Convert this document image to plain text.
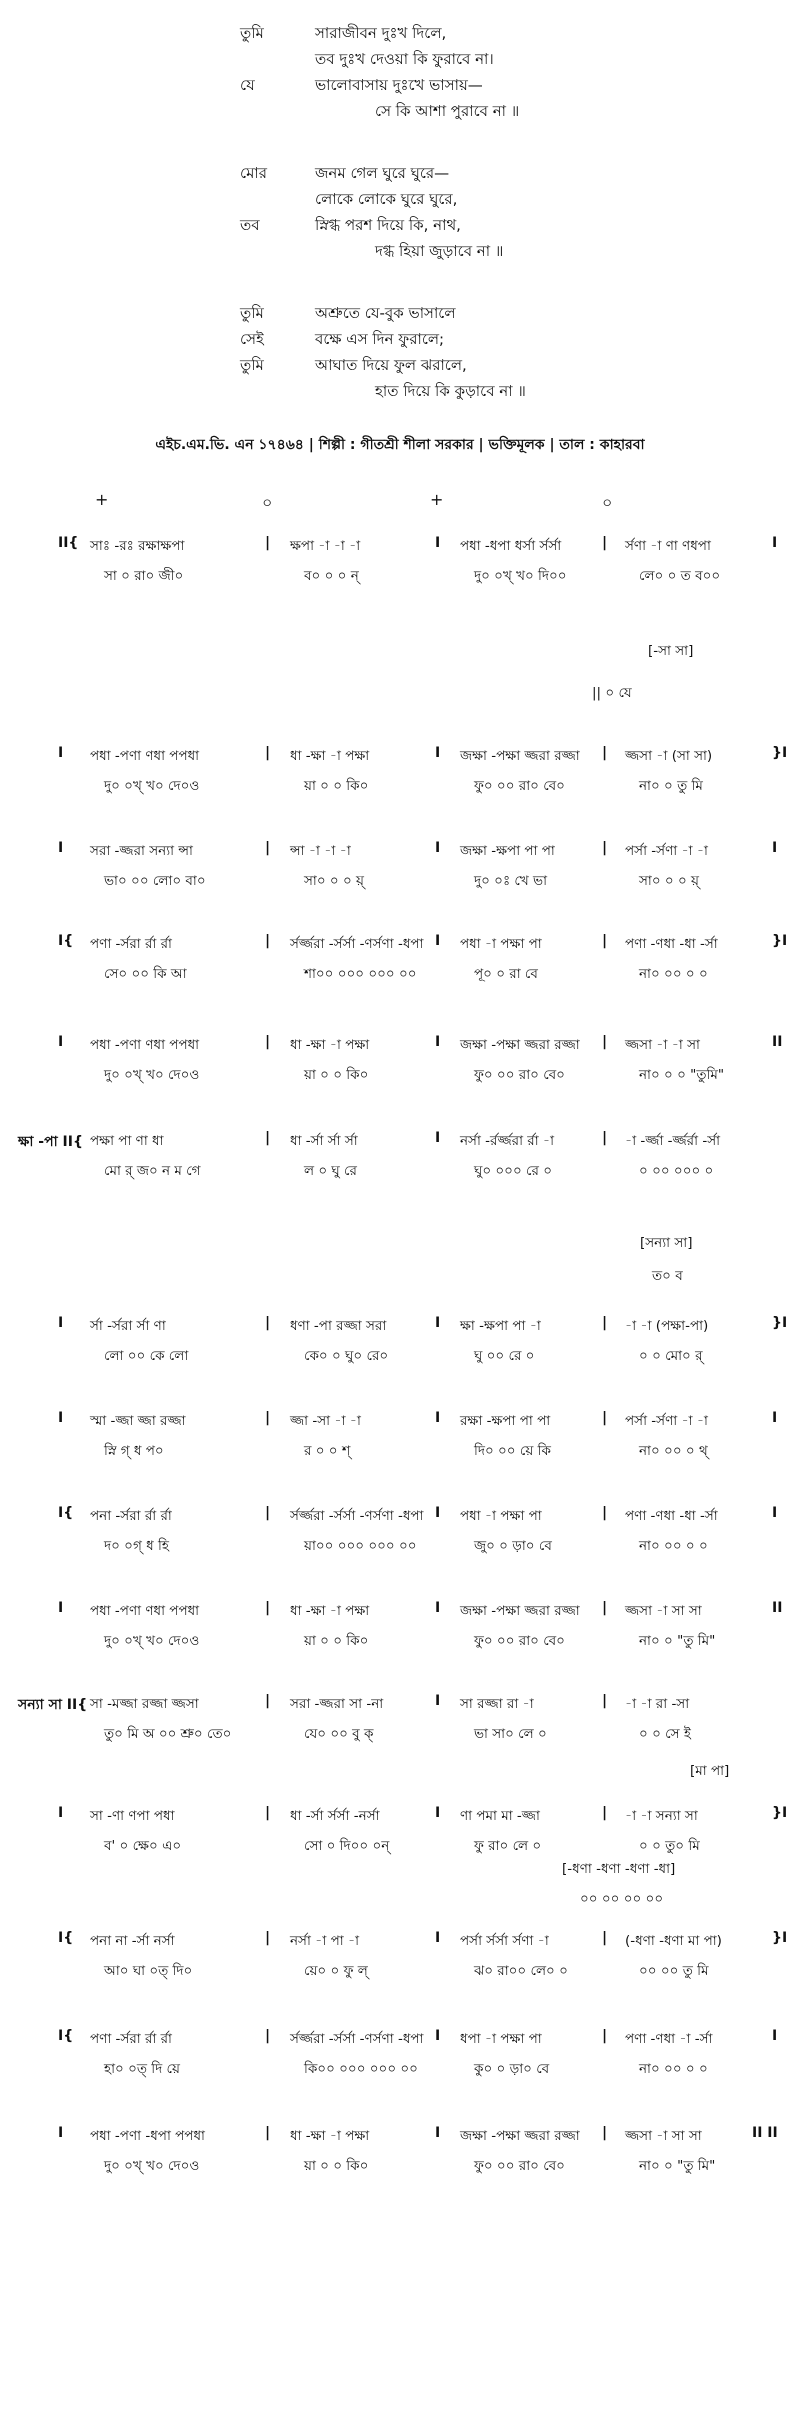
তুমি	সারাজীবন দুঃখ দিলে,
তব দুঃখ দেওয়া কি ফুরাবে না।
যে	ভালোবাসায় দুঃখে ভাসায়—
সে কি আশা পুরাবে না ॥
মোর	জনম গেল ঘুরে ঘুরে—
লোকে লোকে ঘুরে ঘুরে,
তব	স্নিগ্ধ পরশ দিয়ে কি, নাথ,
দগ্ধ হিয়া জুড়াবে না ॥
তুমি	অশ্রুতে যে-বুক ভাসালে
সেই	বক্ষে এস দিন ফুরালে;
তুমি	আঘাত দিয়ে ফুল ঝরালে,
হাত দিয়ে কি কুড়াবে না ॥
এইচ.এম.ভি. এন ১৭৪৬৪ | শিল্পী : গীতশ্রী শীলা সরকার | ভক্তিমূলক | তাল : কাহারবা
+	০	+	০
II{	|	I	|	I
সাঃ -রঃ রক্ষাক্ষপা	ক্ষপা -া -া -া	পধা -ধপা ধর্সা র্সর্সা	র্সণা -া ণা ণধপা
সা ০ রা০ জী০	ব০ ০ ০ ন্	দু০ ০খ্ খ০ দি০০	লে০ ০ ত ব০০
I	|	I	|	}I
পধা -পণা ণধা পপধা	ধা -ক্ষা -া পক্ষা	জক্ষা -পক্ষা জ্জরা রজ্জা	জ্জসা -া (সা সা)
দু০ ০খ্ খ০ দে০ও	য়া ০ ০ কি০	ফু০ ০০ রা০ বে০	না০ ০ তু মি
I	|	I	|	I
সরা -জ্জরা সন্যা ন্সা	ন্সা -া -া -া	জক্ষা -ক্ষপা পা পা	পর্সা -র্সণা -া -া
ভা০ ০০ লো০ বা০	সা০ ০ ০ য়্	দু০ ০ঃ খে ভা	সা০ ০ ০ য়্
I{	|	I	|	}I
পণা -র্সরা র্রা র্রা	র্সর্জ্জরা -র্সর্সা -ণর্সণা -ধপা	পধা -া পক্ষা পা	পণা -ণধা -ধা -র্সা
সে০ ০০ কি আ	শা০০ ০০০ ০০০ ০০	পূ০ ০ রা বে	না০ ০০ ০ ০
I	|	I	|	II
পধা -পণা ণধা পপধা	ধা -ক্ষা -া পক্ষা	জক্ষা -পক্ষা জ্জরা রজ্জা	জ্জসা -া -া সা
দু০ ০খ্ খ০ দে০ও	য়া ০ ০ কি০	ফু০ ০০ রা০ বে০	না০ ০ ০ "তুমি"
ক্ষা -পা II{	|	I	|
পক্ষা পা ণা ধা	ধা -র্সা র্সা র্সা	নর্সা -র্রর্জ্জরা র্রা -া	-া -র্জ্জা -র্জ্জর্রা -র্সা
মো র্ জ০ ন ম গে	ল ০ ঘু রে	ঘু০ ০০০ রে ০	০ ০০ ০০০ ০
I	|	I	|	}I
র্সা -র্সরা র্সা ণা	ধণা -পা রজ্জা সরা	ক্ষা -ক্ষপা পা -া	-া -া (পক্ষা-পা)
লো ০০ কে লো	কে০ ০ ঘু০ রে০	ঘু ০০ রে ০	০ ০ মো০ র্
I	|	I	|	I
স্মা -জ্জা জ্জা রজ্জা	জ্জা -সা -া -া	রক্ষা -ক্ষপা পা পা	পর্সা -র্সণা -া -া
স্নি গ্ ধ প০	র ০ ০ শ্	দি০ ০০ য়ে কি	না০ ০০ ০ থ্
I{	|	I	|	I
পনা -র্সরা র্রা র্রা	র্সর্জ্জরা -র্সর্সা -ণর্সণা -ধপা	পধা -া পক্ষা পা	পণা -ণধা -ধা -র্সা
দ০ ০গ্ ধ হি	য়া০০ ০০০ ০০০ ০০	জু০ ০ ড়া০ বে	না০ ০০ ০ ০
I	|	I	|	II
পধা -পণা ণধা পপধা	ধা -ক্ষা -া পক্ষা	জক্ষা -পক্ষা জ্জরা রজ্জা	জ্জসা -া সা সা
দু০ ০খ্ খ০ দে০ও	য়া ০ ০ কি০	ফু০ ০০ রা০ বে০	না০ ০ "তু মি"
সন্যা সা II{	|	I	|
সা -মজ্জা রজ্জা জ্জসা	সরা -জ্জরা সা -না	সা রজ্জা রা -া	-া -া রা -সা
তু০ মি অ ০০ শ্রু০ তে০	যে০ ০০ বু ক্	ভা সা০ লে ০	০ ০ সে ই
I	|	I	|	}I
সা -ণা ণপা পধা	ধা -র্সা র্সর্সা -নর্সা	ণা পমা মা -জ্জা	-া -া সন্যা সা
ব' ০ ক্ষে০ এ০	সো ০ দি০০ ০ন্	ফু রা০ লে ০	০ ০ তু০ মি
I{	|	I	|	}I
পনা না -র্সা নর্সা	নর্সা -া পা -া	পর্সা র্সর্সা র্সণা -া	(-ধণা -ধণা মা পা)
আ০ ঘা ০ত্ দি০	য়ে০ ০ ফু ল্	ঝ০ রা০০ লে০ ০	০০ ০০ তু মি
I{	|	I	|	I
পণা -র্সরা র্রা র্রা	র্সর্জ্জরা -র্সর্সা -ণর্সণা -ধপা	ধপা -া পক্ষা পা	পণা -ণধা -া -র্সা
হা০ ০ত্ দি য়ে	কি০০ ০০০ ০০০ ০০	কু০ ০ ড়া০ বে	না০ ০০ ০ ০
I	|	I	|	II II
পধা -পণা -ধপা পপধা	ধা -ক্ষা -া পক্ষা	জক্ষা -পক্ষা জ্জরা রজ্জা	জ্জসা -া সা সা
দু০ ০খ্ খ০ দে০ও	য়া ০ ০ কি০	ফু০ ০০ রা০ বে০	না০ ০ "তু মি"
[-সা সা]
|| ০ যে
[সন্যা সা]
ত০ ব
[মা পা]
[-ধণা -ধণা -ধণা -ধা]
০০ ০০ ০০ ০০
